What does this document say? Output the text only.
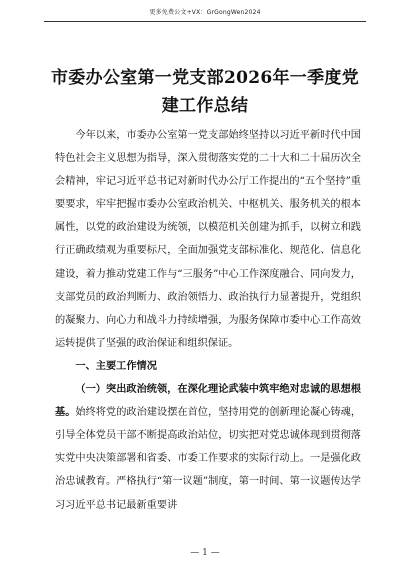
更多免费公文+VX：GrGongWen2024
市委办公室第一党支部2026年一季度党建工作总结

今年以来，市委办公室第一党支部始终坚持以习近平新时代中国特色社会主义思想为指导，深入贯彻落实党的二十大和二十届历次全会精神，牢记习近平总书记对新时代办公厅工作提出的“五个坚持”重要要求，牢牢把握市委办公室政治机关、中枢机关、服务机关的根本属性，以党的政治建设为统领，以模范机关创建为抓手，以树立和践行正确政绩观为重要标尺，全面加强党支部标准化、规范化、信息化建设，着力推动党建工作与“三服务”中心工作深度融合、同向发力，支部党员的政治判断力、政治领悟力、政治执行力显著提升，党组织的凝聚力、向心力和战斗力持续增强，为服务保障市委中心工作高效运转提供了坚强的政治保证和组织保证。

一、主要工作情况

（一）突出政治统领，在深化理论武装中筑牢绝对忠诚的思想根基。始终将党的政治建设摆在首位，坚持用党的创新理论凝心铸魂，引导全体党员干部不断提高政治站位，切实把对党忠诚体现到贯彻落实党中央决策部署和省委、市委工作要求的实际行动上。一是强化政治忠诚教育。严格执行“第一议题”制度，第一时间、第一议题传达学习习近平总书记最新重要讲

— 1 —
